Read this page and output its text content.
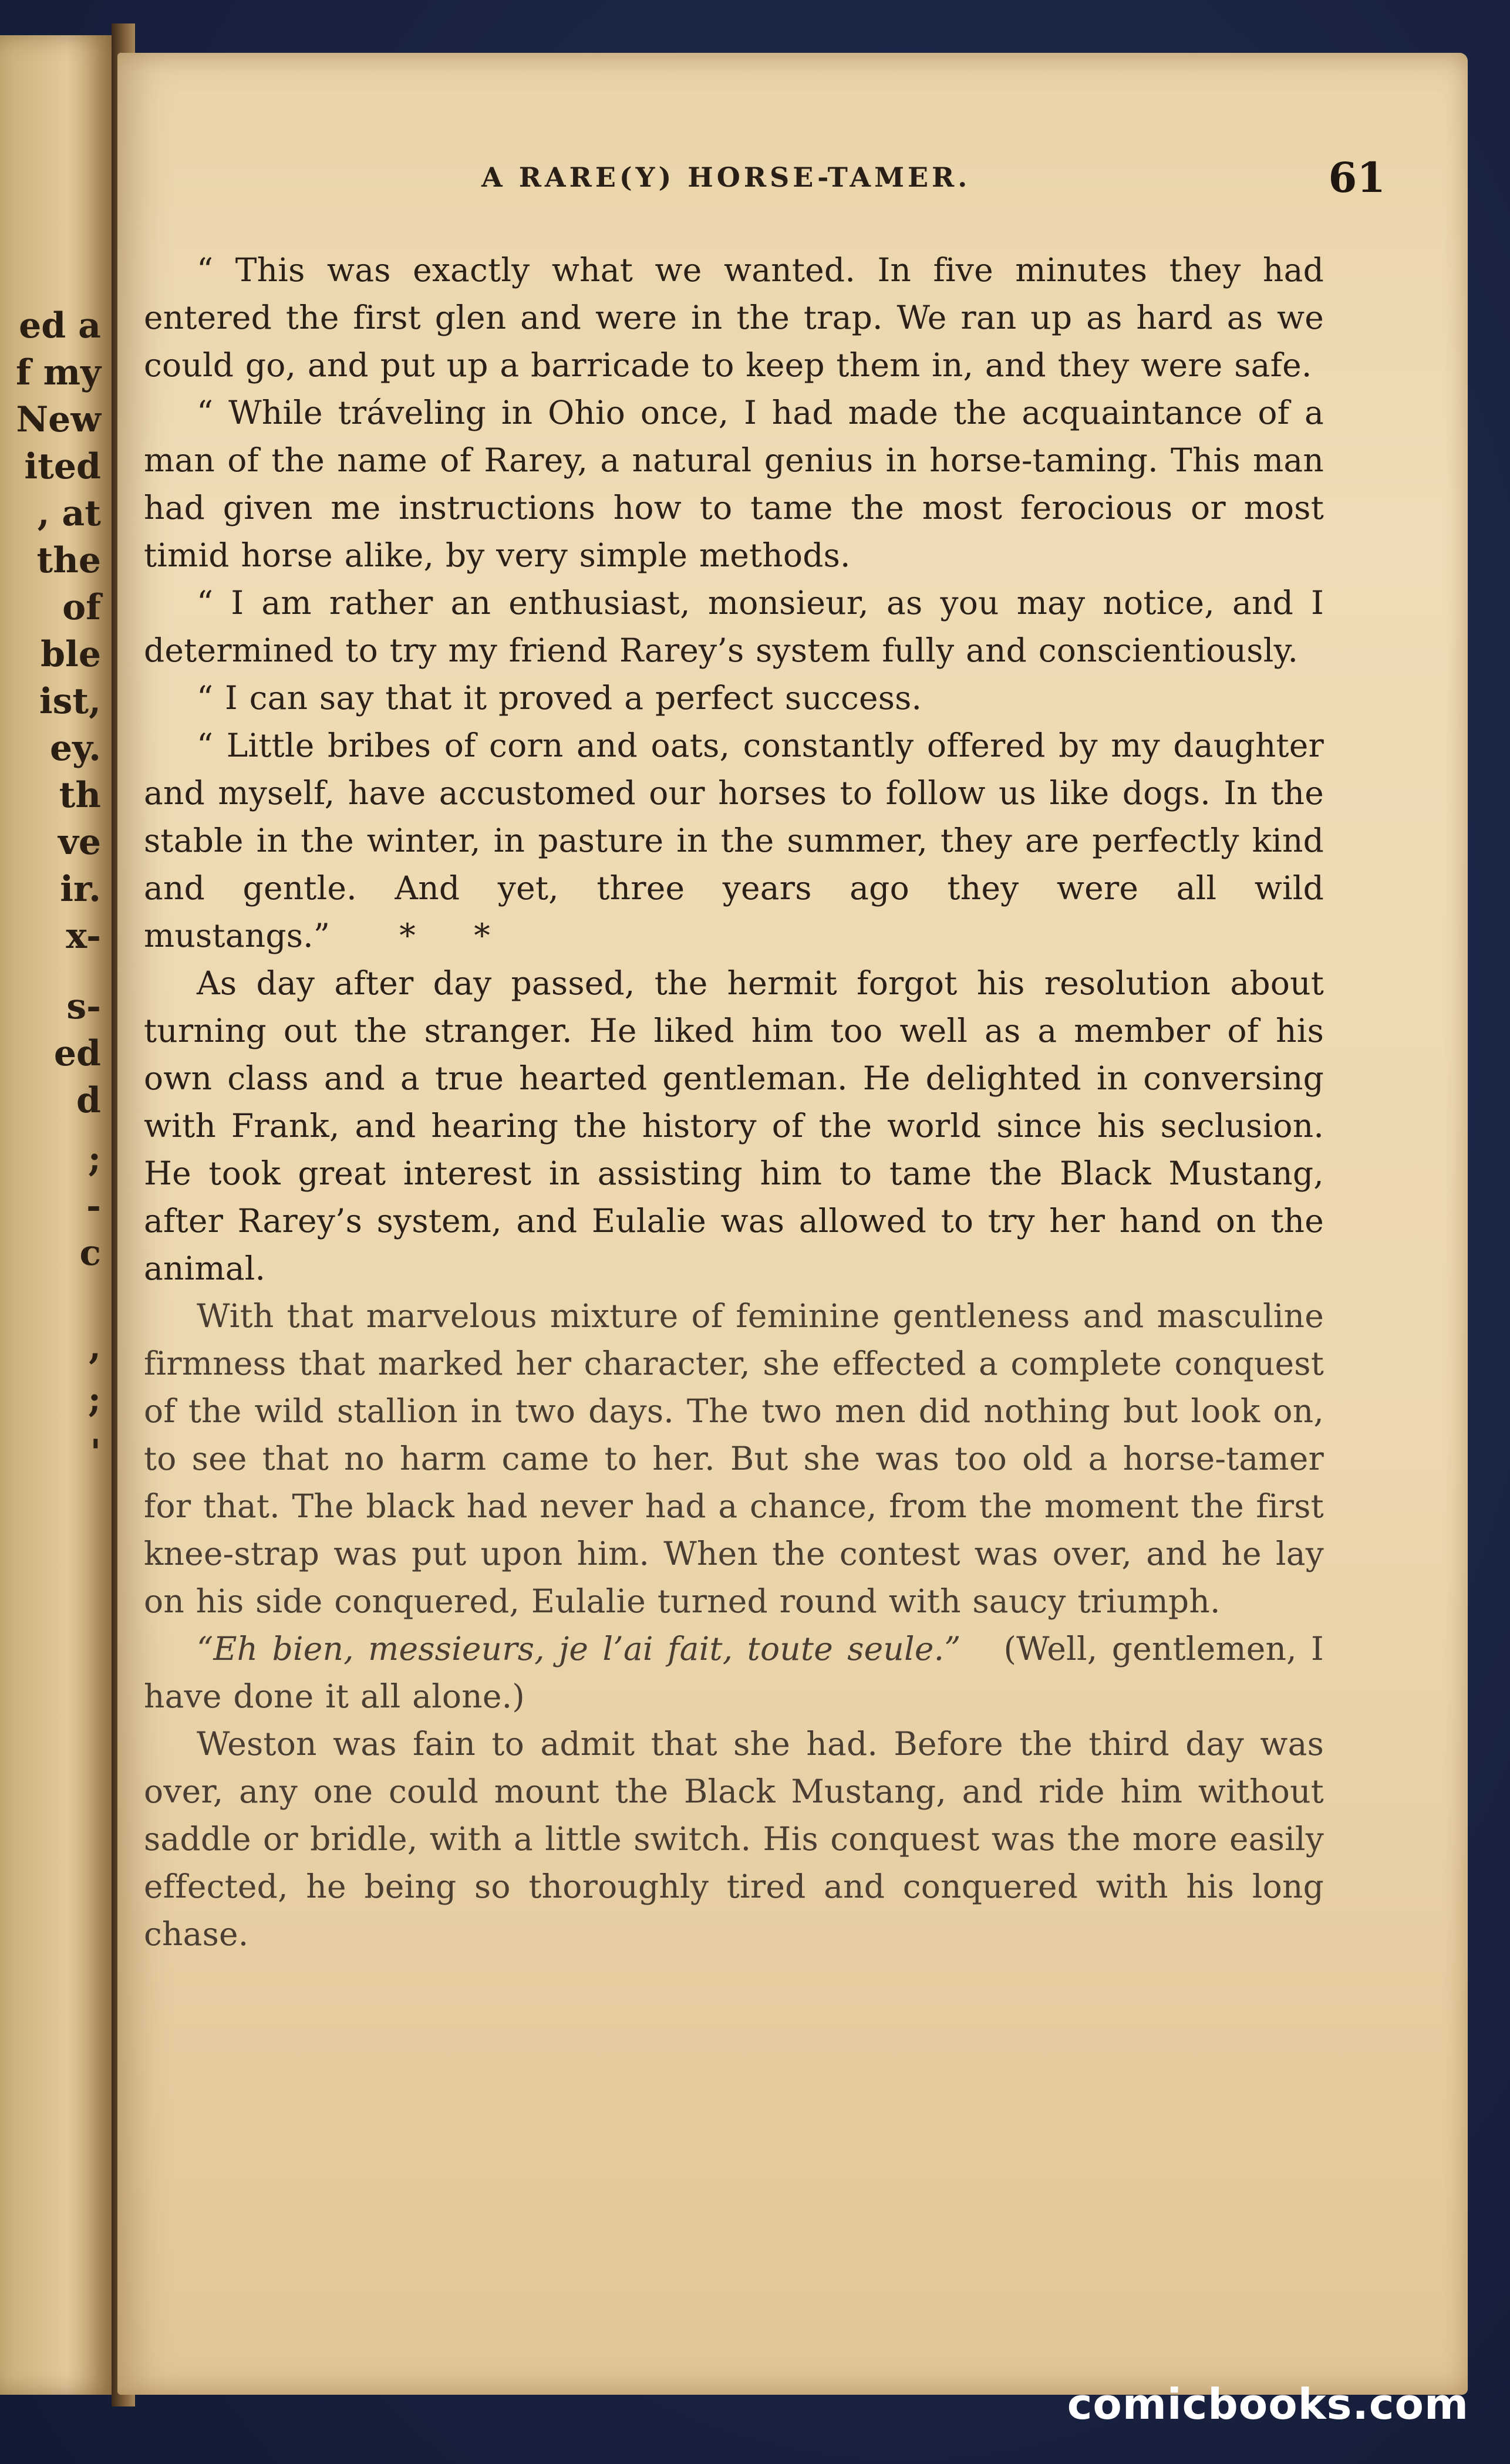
ed a
f my
New
ited
, at
the
of
ble
ist,
ey.
th
ve
ir.
x-
s-
ed
d
;
-
c
,
;
'
A RARE(Y) HORSE-TAMER.	61

“ This was exactly what we wanted. In five minutes they had entered the first glen and were in the trap. We ran up as hard as we could go, and put up a barricade to keep them in, and they were safe.

“ While tráveling in Ohio once, I had made the acquaintance of a man of the name of Rarey, a natural genius in horse-taming. This man had given me instructions how to tame the most ferocious or most timid horse alike, by very simple methods.

“ I am rather an enthusiast, monsieur, as you may notice, and I determined to try my friend Rarey’s system fully and conscientiously.

“ I can say that it proved a perfect success.

“ Little bribes of corn and oats, constantly offered by my daughter and myself, have accustomed our horses to follow us like dogs. In the stable in the winter, in pasture in the summer, they are perfectly kind and gentle. And yet, three years ago they were all wild mustangs.” * *

As day after day passed, the hermit forgot his resolution about turning out the stranger. He liked him too well as a member of his own class and a true hearted gentleman. He delighted in conversing with Frank, and hearing the history of the world since his seclusion. He took great interest in assisting him to tame the Black Mustang, after Rarey’s system, and Eulalie was allowed to try her hand on the animal.

With that marvelous mixture of feminine gentleness and masculine firmness that marked her character, she effected a complete conquest of the wild stallion in two days. The two men did nothing but look on, to see that no harm came to her. But she was too old a horse-tamer for that. The black had never had a chance, from the moment the first knee-strap was put upon him. When the contest was over, and he lay on his side conquered, Eulalie turned round with saucy triumph.

“Eh bien, messieurs, je l’ai fait, toute seule.” (Well, gentlemen, I have done it all alone.)

Weston was fain to admit that she had. Before the third day was over, any one could mount the Black Mustang, and ride him without saddle or bridle, with a little switch. His conquest was the more easily effected, he being so thoroughly tired and conquered with his long chase.

comicbooks.com
